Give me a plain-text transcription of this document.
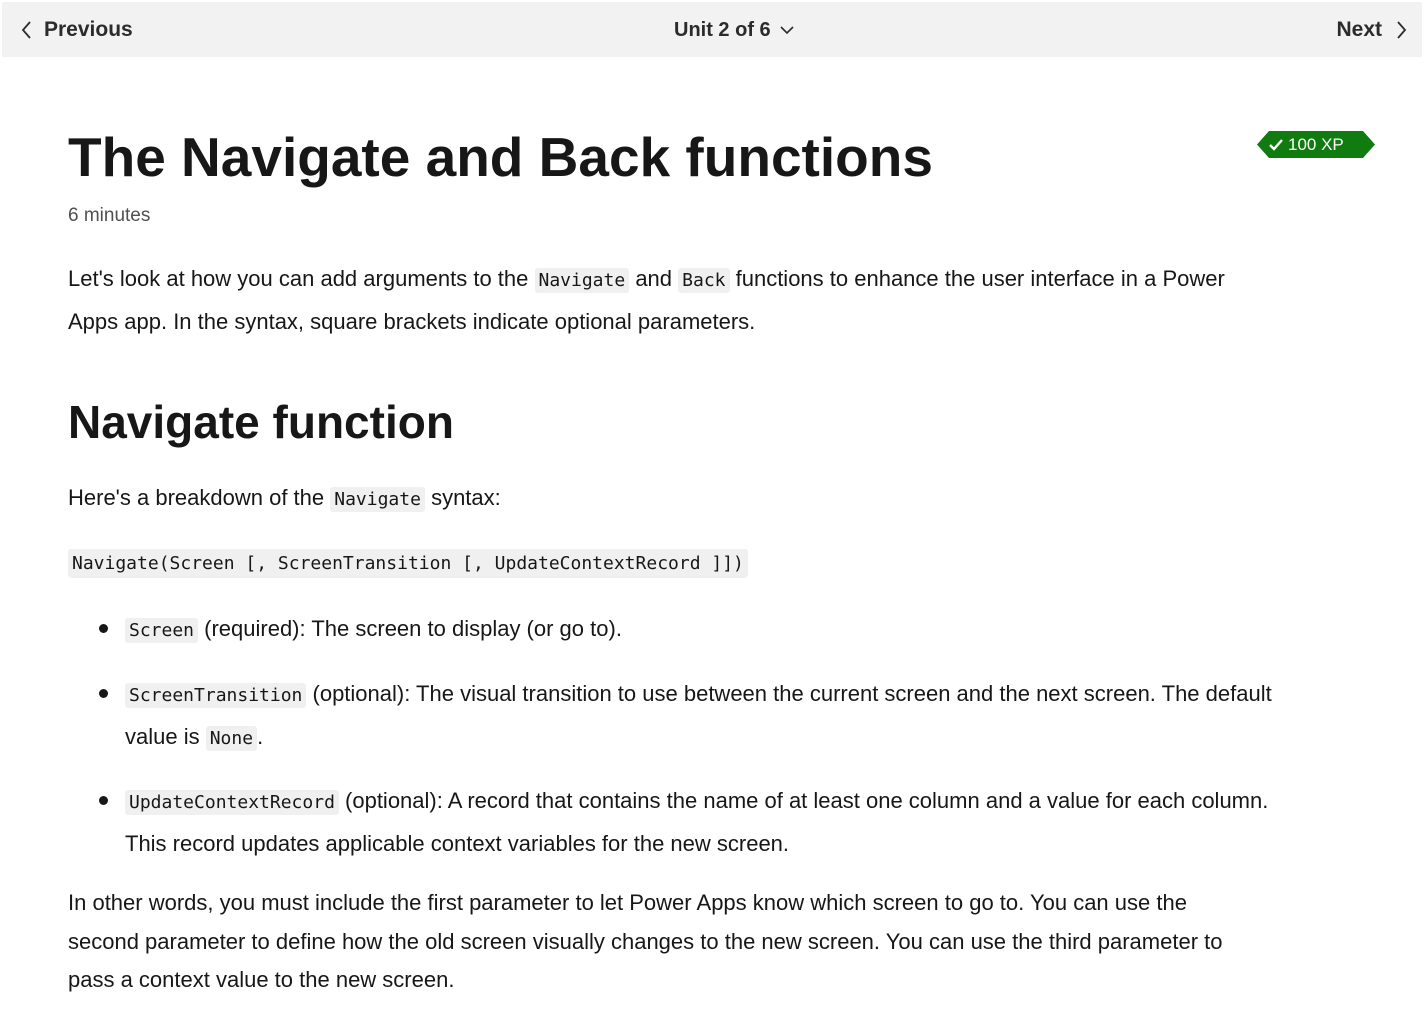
Previous	Unit 2 of 6	Next
100 XP
The Navigate and Back functions
6 minutes

Let's look at how you can add arguments to the Navigate and Back functions to enhance the user interface in a Power
Apps app. In the syntax, square brackets indicate optional parameters.

Navigate function

Here's a breakdown of the Navigate syntax:

Navigate(Screen [, ScreenTransition [, UpdateContextRecord ]])
Screen (required): The screen to display (or go to).
ScreenTransition (optional): The visual transition to use between the current screen and the next screen. The default
value is None .
UpdateContextRecord (optional): A record that contains the name of at least one column and a value for each column.
This record updates applicable context variables for the new screen.

In other words, you must include the first parameter to let Power Apps know which screen to go to. You can use the
second parameter to define how the old screen visually changes to the new screen. You can use the third parameter to
pass a context value to the new screen.
